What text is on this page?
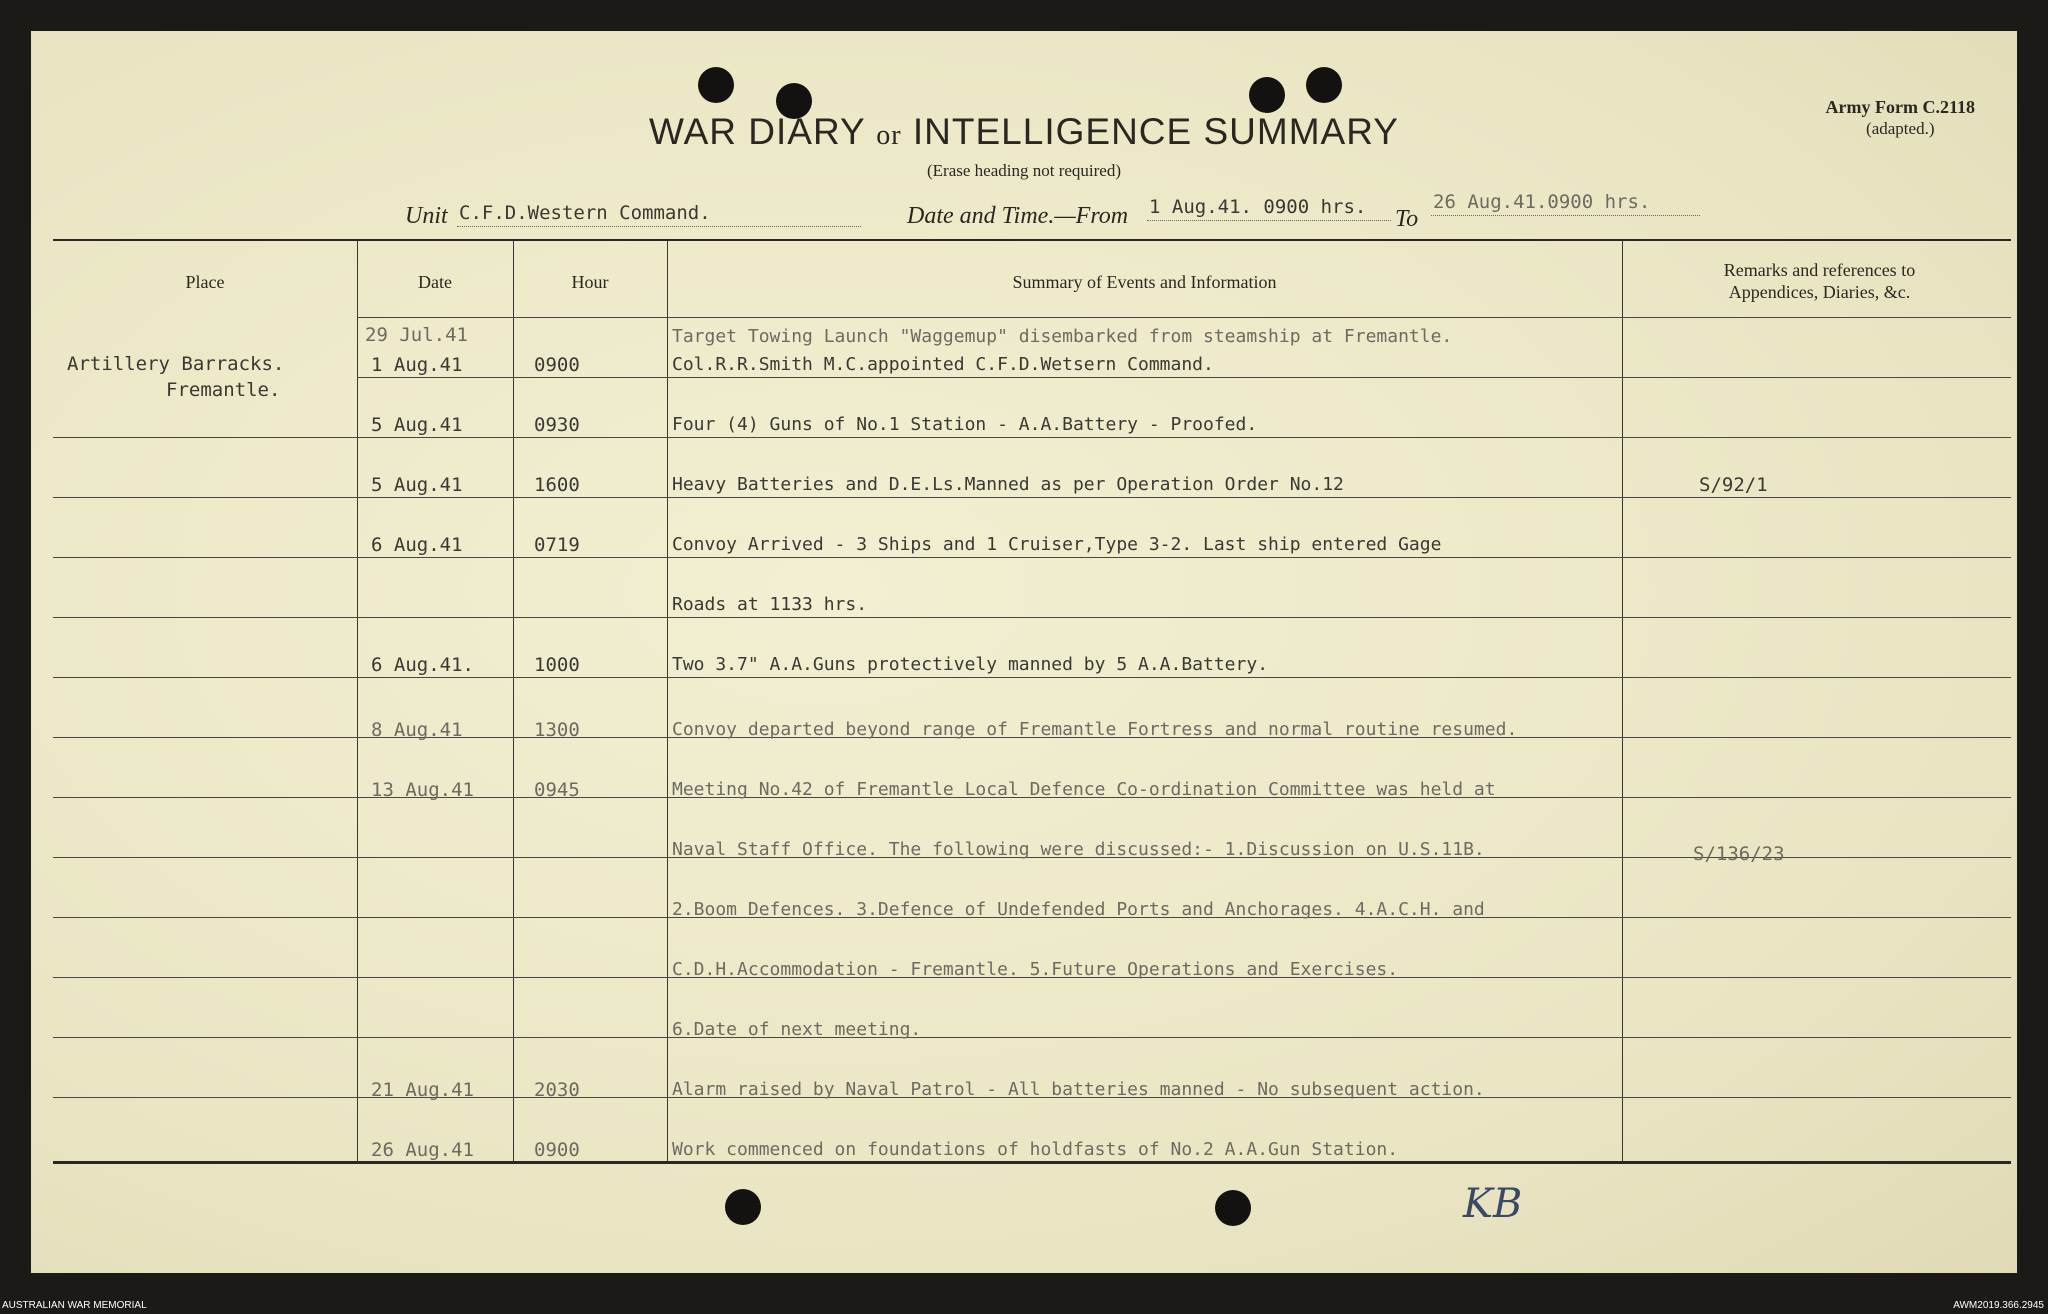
WAR DIARY or INTELLIGENCE SUMMARY
(Erase heading not required)
Army Form C.2118
(adapted.)
Unit C.F.D.Western Command.	Date and Time.—From 1 Aug.41. 0900 hrs.	To
26 Aug.41.0900 hrs.
Place	Date	Hour	Summary of Events and Information
Remarks and references to
Appendices, Diaries, &c.
Artillery Barracks.
Fremantle.
29 Jul.41	Target Towing Launch "Waggemup" disembarked from steamship at Fremantle.
1 Aug.41	0900	Col.R.R.Smith M.C.appointed C.F.D.Wetsern Command.
5 Aug.41	0930	Four (4) Guns of No.1 Station - A.A.Battery - Proofed.
5 Aug.41	1600	Heavy Batteries and D.E.Ls.Manned as per Operation Order No.12	S/92/1
6 Aug.41	0719	Convoy Arrived - 3 Ships and 1 Cruiser,Type 3-2. Last ship entered Gage
Roads at 1133 hrs.
6 Aug.41.	1000	Two 3.7" A.A.Guns protectively manned by 5 A.A.Battery.
8 Aug.41	1300	Convoy departed beyond range of Fremantle Fortress and normal routine resumed.
13 Aug.41	0945	Meeting No.42 of Fremantle Local Defence Co-ordination Committee was held at
Naval Staff Office. The following were discussed:- 1.Discussion on U.S.11B.	S/136/23
2.Boom Defences. 3.Defence of Undefended Ports and Anchorages. 4.A.C.H. and
C.D.H.Accommodation - Fremantle. 5.Future Operations and Exercises.
6.Date of next meeting.
21 Aug.41	2030	Alarm raised by Naval Patrol - All batteries manned - No subsequent action.
26 Aug.41	0900	Work commenced on foundations of holdfasts of No.2 A.A.Gun Station.
KB
AUSTRALIAN WAR MEMORIAL	AWM2019.366.2945
